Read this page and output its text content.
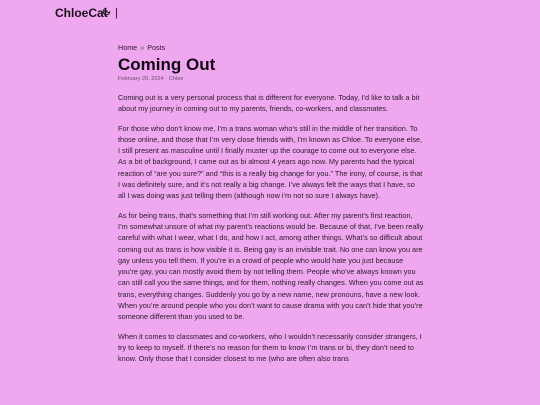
ChloeCat |
Home » Posts
Coming Out
February 20, 2024 · Chloe

Coming out is a very personal process that is different for everyone. Today, I’d like to talk a bit about my journey in coming out to my parents, friends, co-workers, and classmates.

For those who don’t know me, I’m a trans woman who’s still in the middle of her transition. To those online, and those that I’m very close friends with, I’m known as Chloe. To everyone else, I still present as masculine until I finally muster up the courage to come out to everyone else. As a bit of background, I came out as bi almost 4 years ago now. My parents had the typical reaction of “are you sure?” and “this is a really big change for you.” The irony, of course, is that I was definitely sure, and it’s not really a big change. I’ve always felt the ways that I have, so all I was doing was just telling them (although now i’m not so sure I always have).

As for being trans, that’s something that I’m still working out. After my parent’s first reaction, I’m somewhat unsure of what my parent’s reactions would be. Because of that, I’ve been really careful with what I wear, what I do, and how I act, among other things. What’s so difficult about coming out as trans is how visible it is. Being gay is an invisible trait. No one can know you are gay unless you tell them. If you’re in a crowd of people who would hate you just because you’re gay, you can mostly avoid them by not telling them. People who’ve always known you can still call you the same things, and for them, nothing really changes. When you come out as trans, everything changes. Suddenly you go by a new name, new pronouns, have a new look. When you’re around people who you don’t want to cause drama with you can’t hide that you’re someone different than you used to be.

When it comes to classmates and co-workers, who I wouldn’t necessarily consider strangers, I try to keep to myself. If there’s no reason for them to know I’m trans or bi, they don’t need to know. Only those that I consider closest to me (who are often also trans
